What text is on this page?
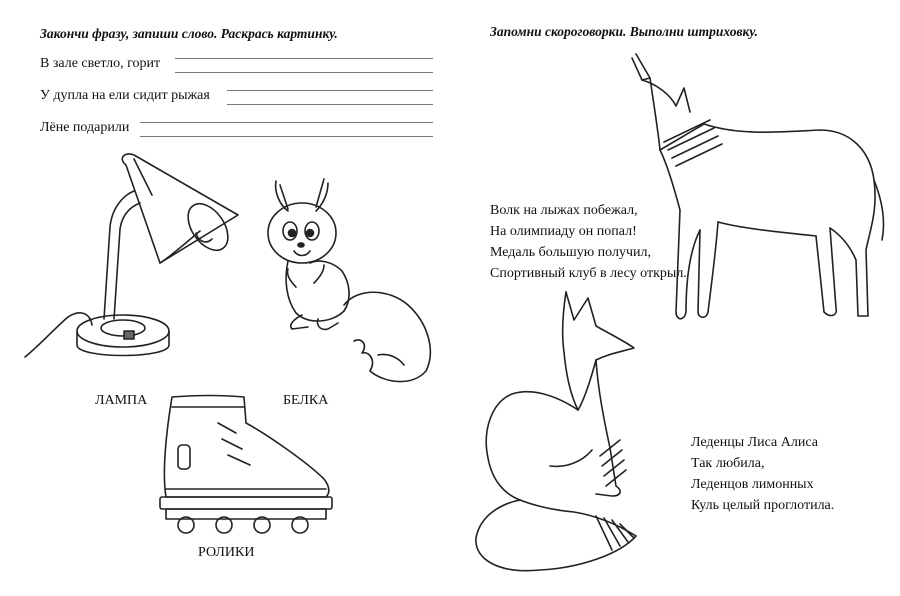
Закончи фразу, запиши слово. Раскрась картинку.
В зале светло, горит
У дупла на ели сидит рыжая
Лёне подарили
ЛАМПА	БЕЛКА
РОЛИКИ
Запомни скороговорки. Выполни штриховку.
Волк на лыжах побежал,
На олимпиаду он попал!
Медаль большую получил,
Спортивный клуб в лесу открыл.
Леденцы Лиса Алиса
Так любила,
Леденцов лимонных
Куль целый проглотила.
